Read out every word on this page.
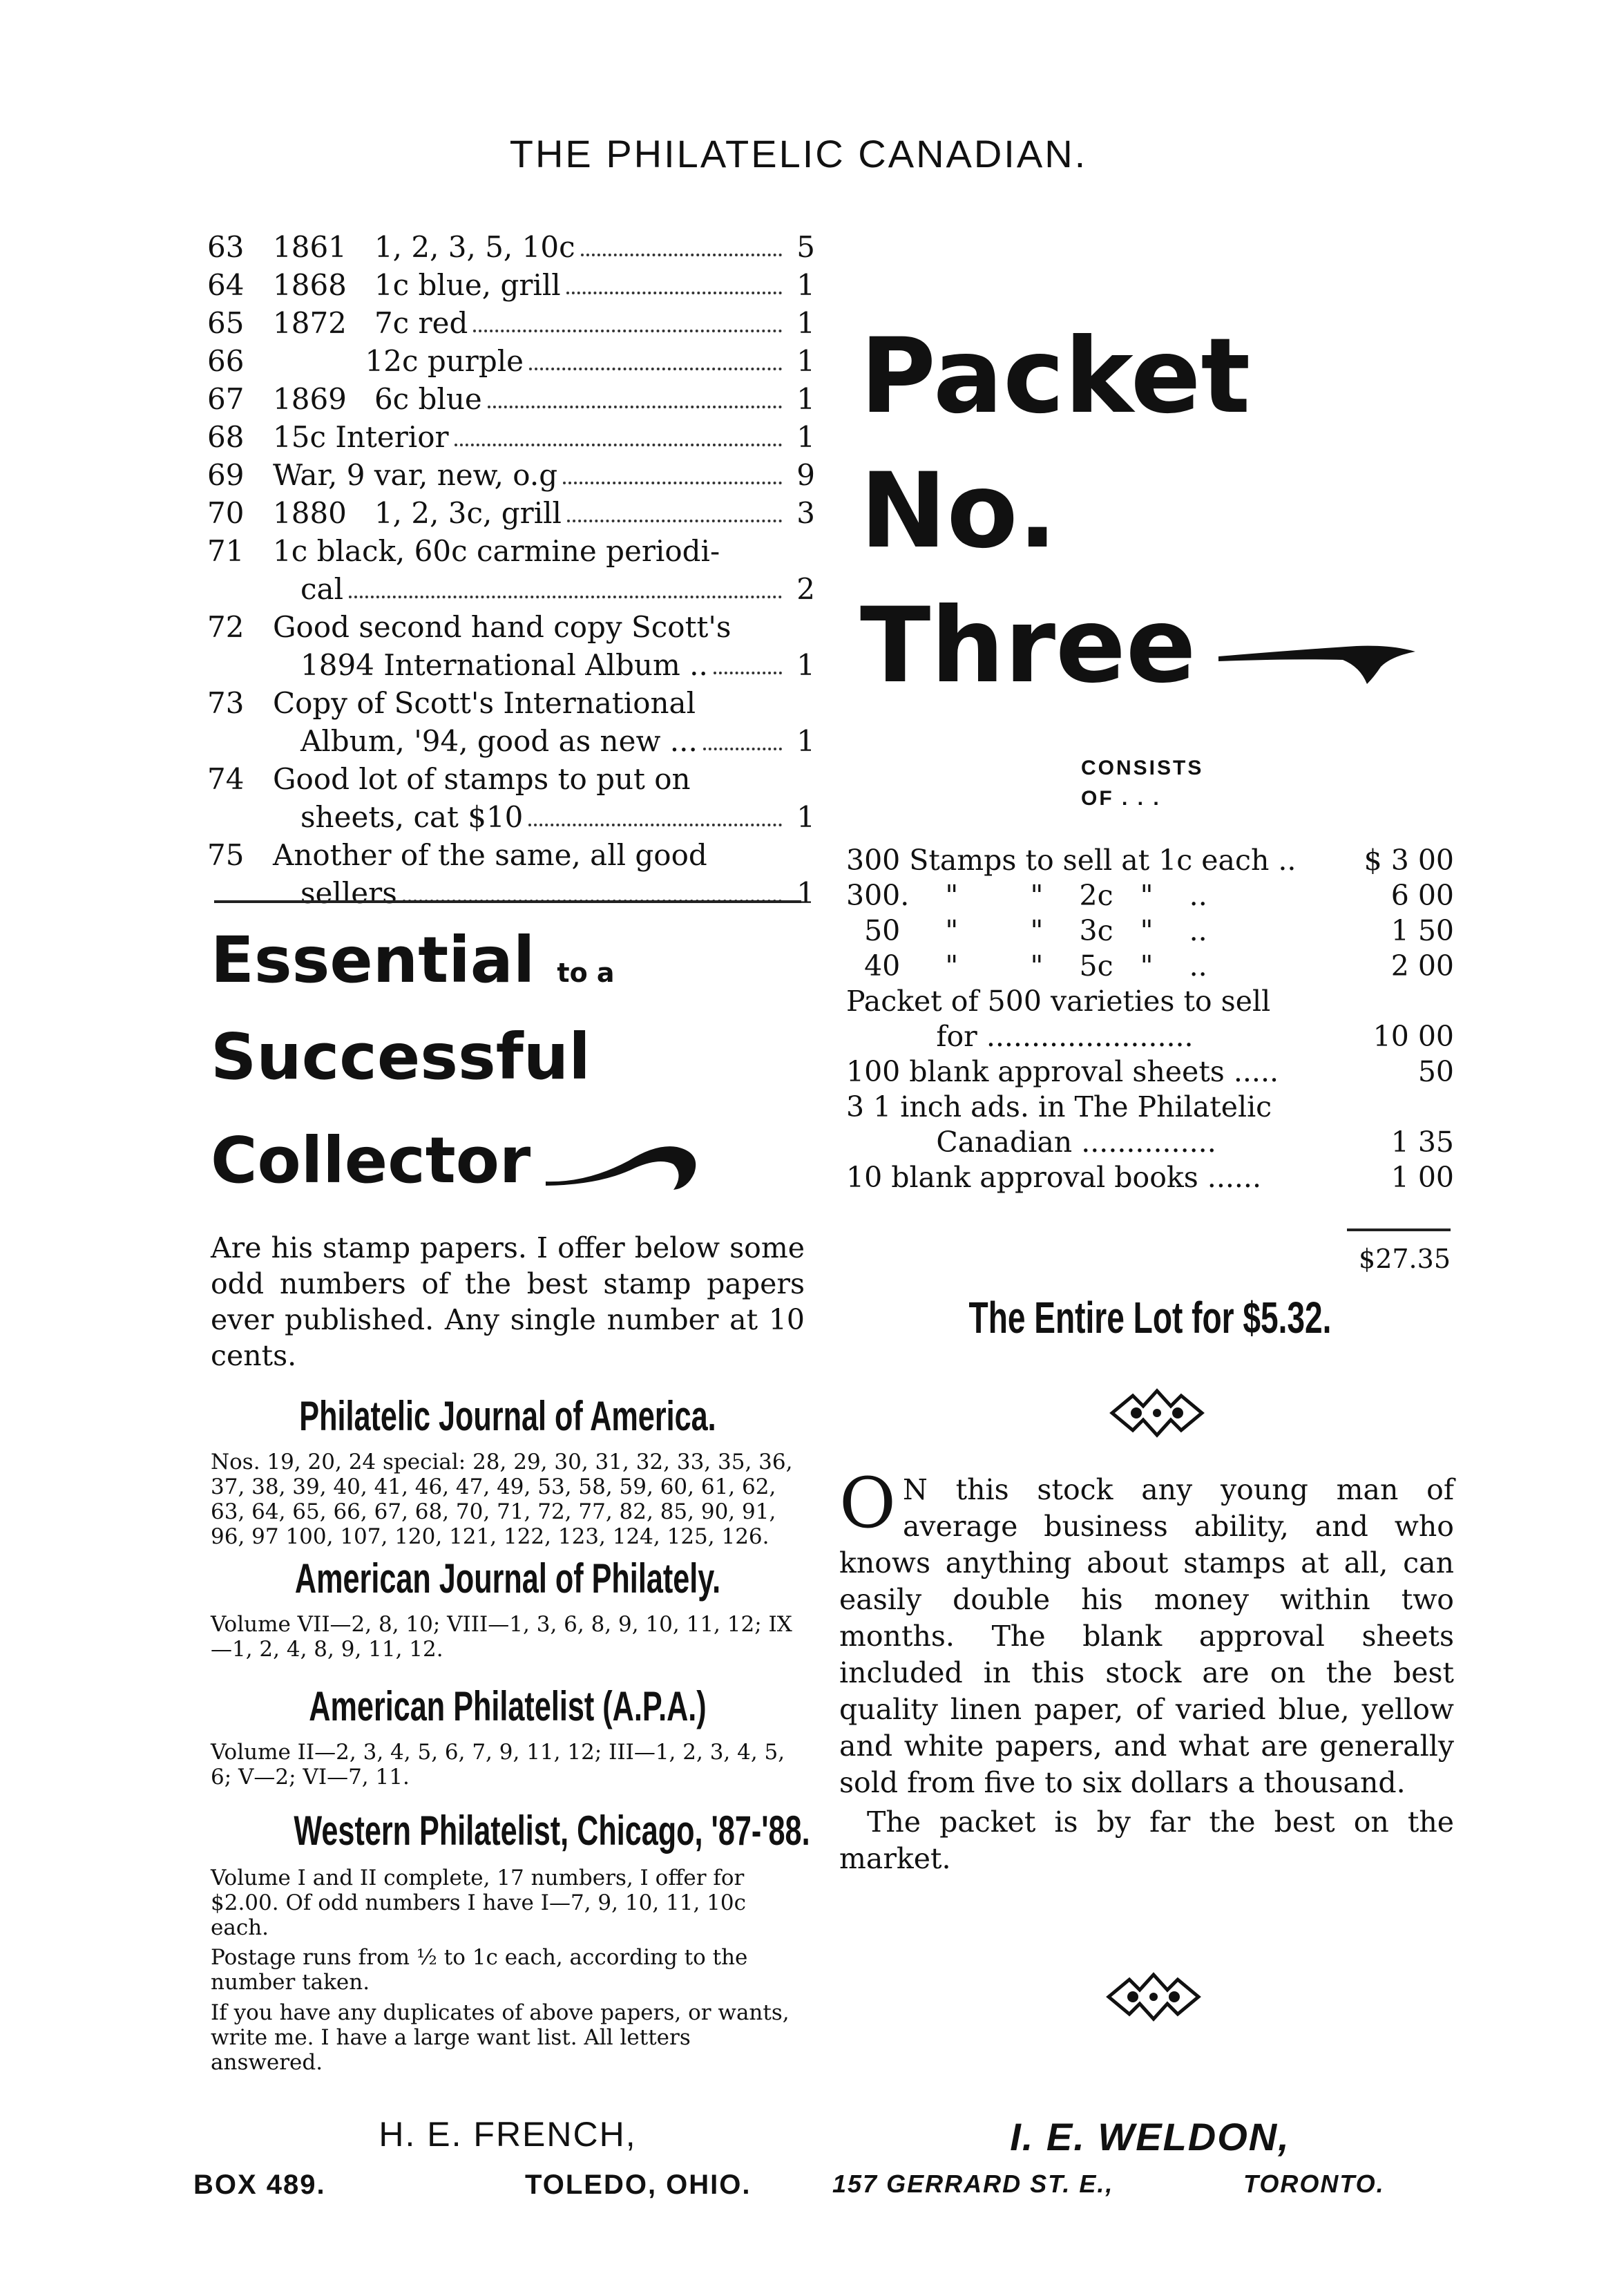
THE PHILATELIC CANADIAN.
63 1861   1, 2, 3, 5, 10c	5
64 1868   1c blue, grill	1
65 1872   7c red	1
66 12c purple	1
67 1869   6c blue	1
68 15c Interior	1
69 War, 9 var, new, o.g	9
70 1880   1, 2, 3c, grill	3
71 1c black, 60c carmine periodi-
cal	2
72 Good second hand copy Scott's
1894 International Album ..	1
73 Copy of Scott's International
Album, '94, good as new ...	1
74 Good lot of stamps to put on
sheets, cat $10	1
75 Another of the same, all good
sellers	1
Essential to a
Successful
Collector
Are his stamp papers. I offer below some odd numbers of the best stamp papers ever published. Any single number at 10 cents.
Philatelic Journal of America.
Nos. 19, 20, 24 special: 28, 29, 30, 31, 32, 33, 35, 36, 37, 38, 39, 40, 41, 46, 47, 49, 53, 58, 59, 60, 61, 62, 63, 64, 65, 66, 67, 68, 70, 71, 72, 77, 82, 85, 90, 91, 96, 97 100, 107, 120, 121, 122, 123, 124, 125, 126.
American Journal of Philately.
Volume VII—2, 8, 10; VIII—1, 3, 6, 8, 9, 10, 11, 12; IX—1, 2, 4, 8, 9, 11, 12.
American Philatelist (A.P.A.)
Volume II—2, 3, 4, 5, 6, 7, 9, 11, 12; III—1, 2, 3, 4, 5, 6; V—2; VI—7, 11.
Western Philatelist, Chicago, '87-'88.
Volume I and II complete, 17 numbers, I offer for $2.00. Of odd numbers I have I—7, 9, 10, 11, 10c each.
Postage runs from ½ to 1c each, according to the number taken.
If you have any duplicates of above papers, or wants, write me. I have a large want list. All letters answered.
H. E. FRENCH,
BOX 489.	TOLEDO, OHIO.
Packet
No.
Three
CONSISTS
OF . . .
300 Stamps to sell at 1c each ..	$ 3 00
300.    "        "    2c   "    ..	6 00
50     "        "    3c   "    ..	1 50
40     "        "    5c   "    ..	2 00
Packet of 500 varieties to sell
for .......................	10 00
100 blank approval sheets .....	50
3 1 inch ads. in The Philatelic
Canadian ...............	1 35
10 blank approval books ......	1 00
$27.35
The Entire Lot for $5.32.

O N this stock any young man of average business ability, and who knows anything about stamps at all, can easily double his money within two months. The blank approval sheets included in this stock are on the best quality linen paper, of varied blue, yellow and white papers, and what are generally sold from five to six dollars a thousand.

The packet is by far the best on the market.

I. E. WELDON,
157 GERRARD ST. E.,	TORONTO.
